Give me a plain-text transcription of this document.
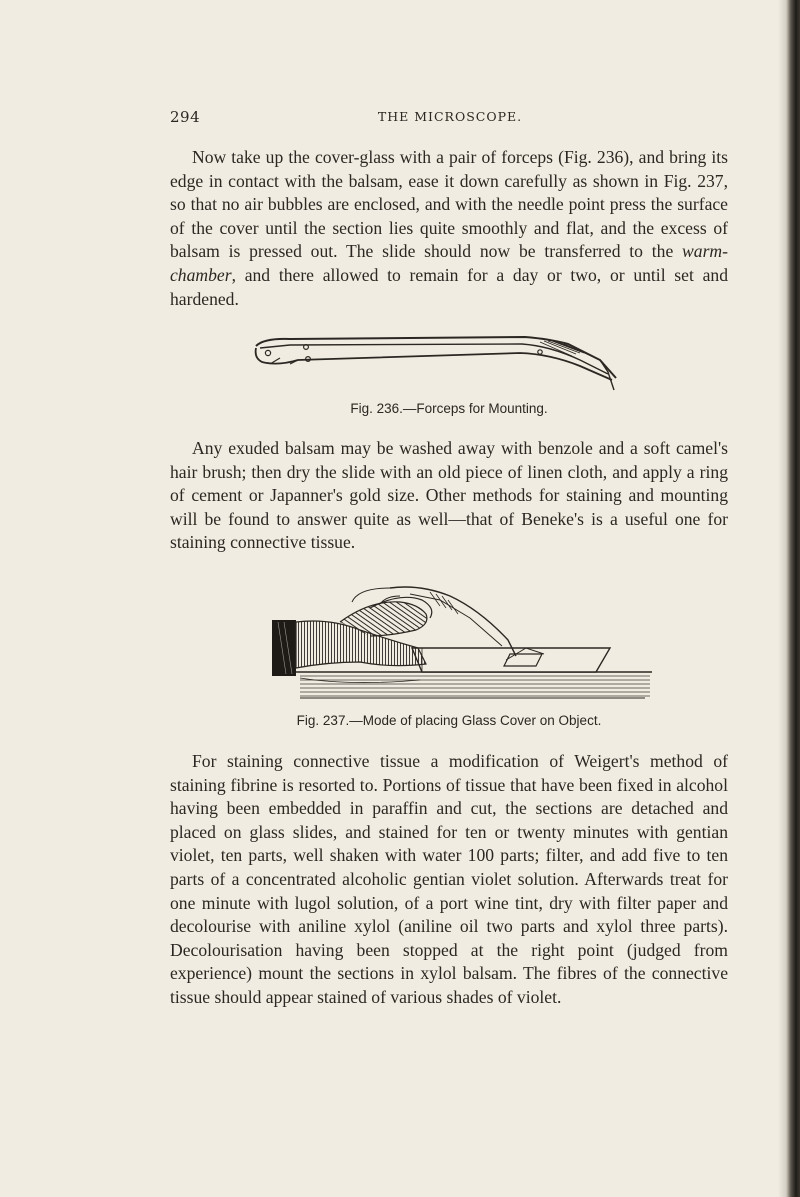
294	THE MICROSCOPE.

Now take up the cover-glass with a pair of forceps (Fig. 236), and bring its edge in contact with the balsam, ease it down carefully as shown in Fig. 237, so that no air bubbles are enclosed, and with the needle point press the surface of the cover until the section lies quite smoothly and flat, and the excess of balsam is pressed out. The slide should now be transferred to the warm-chamber, and there allowed to remain for a day or two, or until set and hardened.

Fig. 236.—Forceps for Mounting.

Any exuded balsam may be washed away with benzole and a soft camel's hair brush; then dry the slide with an old piece of linen cloth, and apply a ring of cement or Japanner's gold size. Other methods for staining and mounting will be found to answer quite as well—that of Beneke's is a useful one for staining connective tissue.

Fig. 237.—Mode of placing Glass Cover on Object.

For staining connective tissue a modification of Weigert's method of staining fibrine is resorted to. Portions of tissue that have been fixed in alcohol having been embedded in paraffin and cut, the sections are detached and placed on glass slides, and stained for ten or twenty minutes with gentian violet, ten parts, well shaken with water 100 parts; filter, and add five to ten parts of a concentrated alcoholic gentian violet solution. Afterwards treat for one minute with lugol solution, of a port wine tint, dry with filter paper and decolourise with aniline xylol (aniline oil two parts and xylol three parts). Decolourisation having been stopped at the right point (judged from experience) mount the sections in xylol balsam. The fibres of the connective tissue should appear stained of various shades of violet.
